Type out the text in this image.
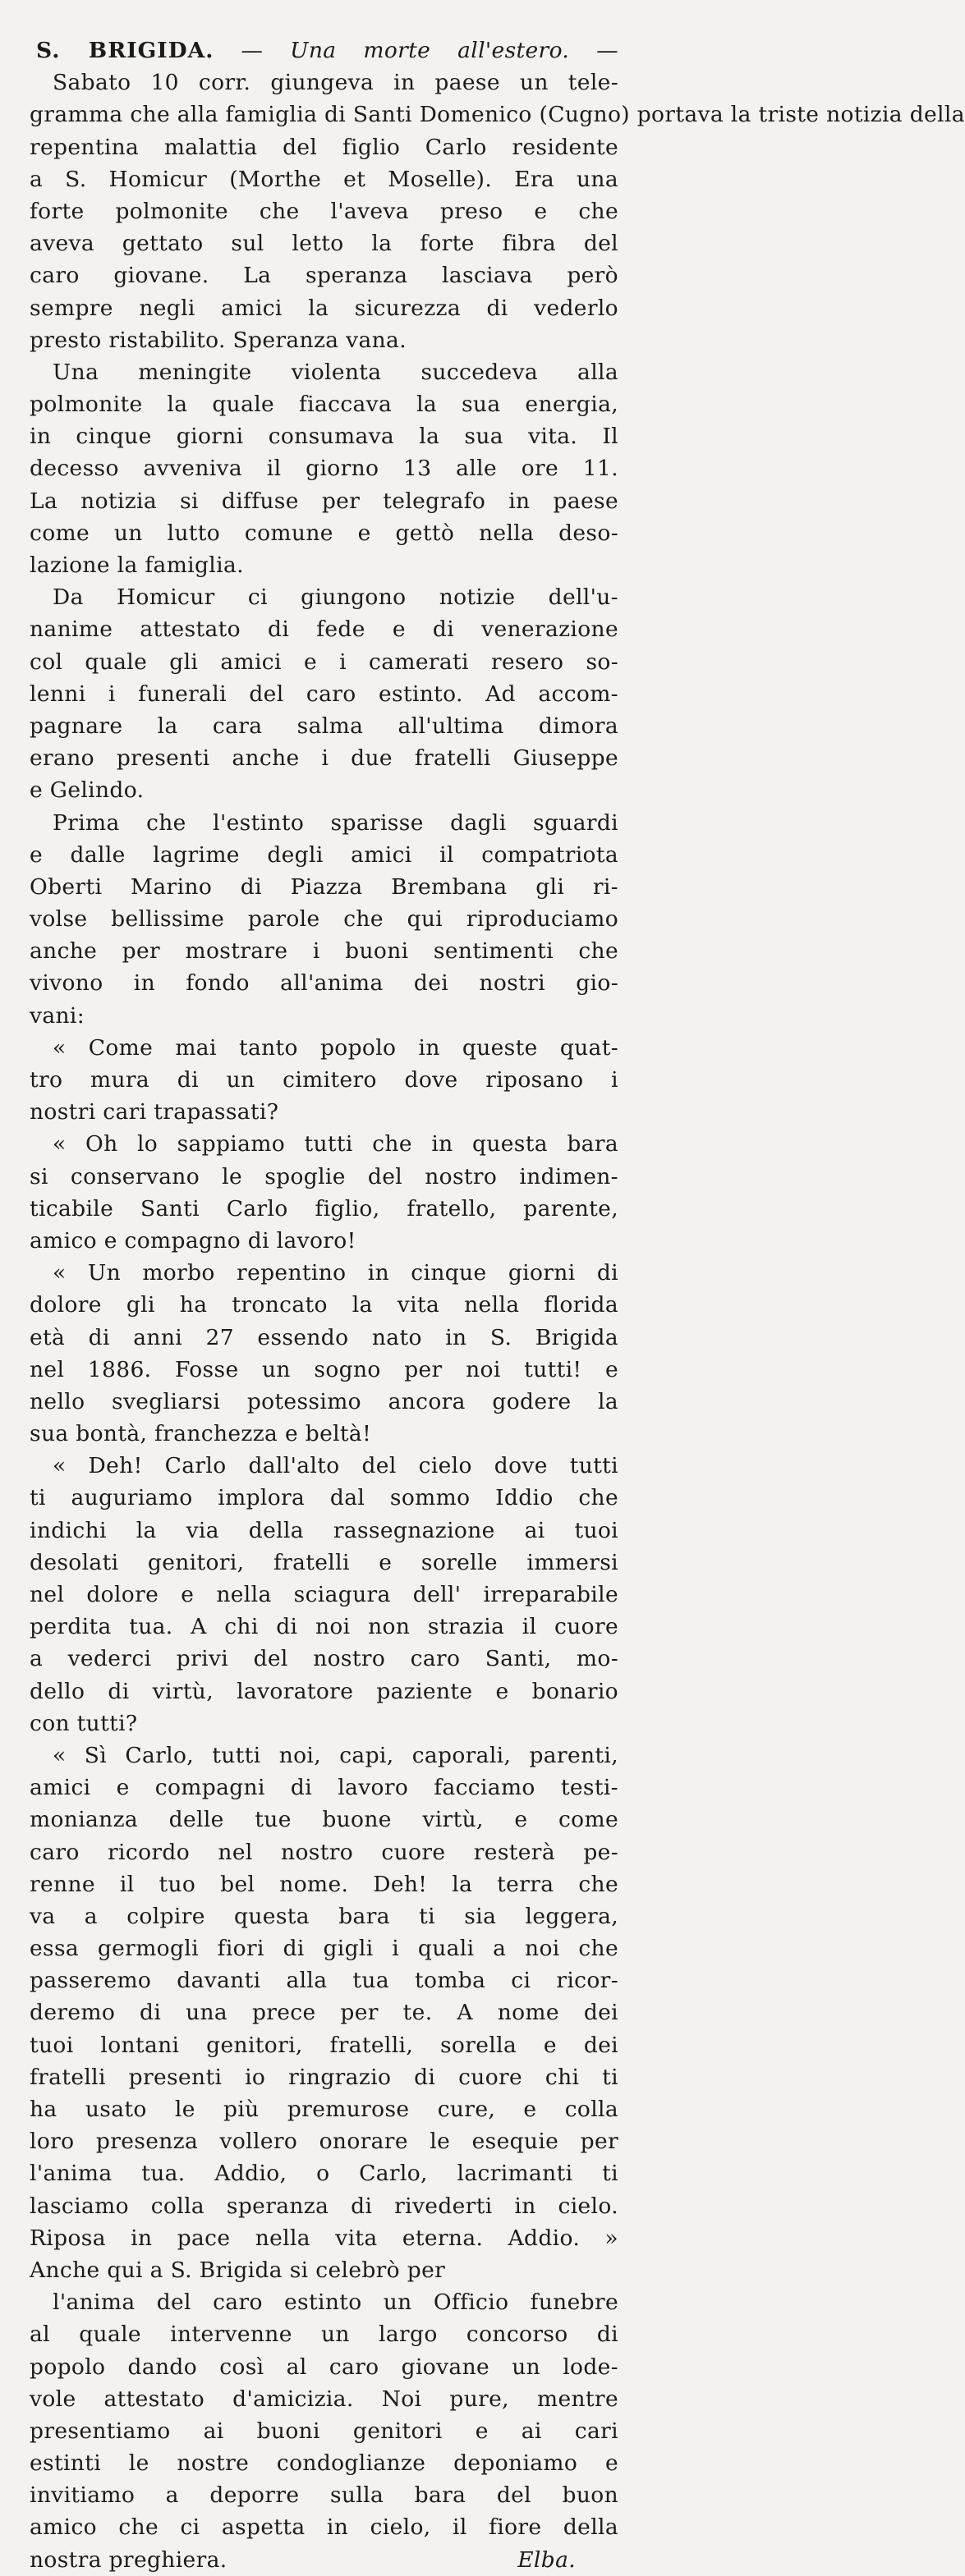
S. BRIGIDA. — Una morte all'estero. —
Sabato 10 corr. giungeva in paese un tele-
gramma che alla famiglia di Santi Domenico (Cugno) portava la triste notizia della
repentina malattia del figlio Carlo residente
a S. Homicur (Morthe et Moselle). Era una
forte polmonite che l'aveva preso e che
aveva gettato sul letto la forte fibra del
caro giovane. La speranza lasciava però
sempre negli amici la sicurezza di vederlo
presto ristabilito. Speranza vana.
Una meningite violenta succedeva alla
polmonite la quale fiaccava la sua energia,
in cinque giorni consumava la sua vita. Il
decesso avveniva il giorno 13 alle ore 11.
La notizia si diffuse per telegrafo in paese
come un lutto comune e gettò nella deso-
lazione la famiglia.
Da Homicur ci giungono notizie dell'u-
nanime attestato di fede e di venerazione
col quale gli amici e i camerati resero so-
lenni i funerali del caro estinto. Ad accom-
pagnare la cara salma all'ultima dimora
erano presenti anche i due fratelli Giuseppe
e Gelindo.
Prima che l'estinto sparisse dagli sguardi
e dalle lagrime degli amici il compatriota
Oberti Marino di Piazza Brembana gli ri-
volse bellissime parole che qui riproduciamo
anche per mostrare i buoni sentimenti che
vivono in fondo all'anima dei nostri gio-
vani:
« Come mai tanto popolo in queste quat-
tro mura di un cimitero dove riposano i
nostri cari trapassati?
« Oh lo sappiamo tutti che in questa bara
si conservano le spoglie del nostro indimen-
ticabile Santi Carlo figlio, fratello, parente,
amico e compagno di lavoro!
« Un morbo repentino in cinque giorni di
dolore gli ha troncato la vita nella florida
età di anni 27 essendo nato in S. Brigida
nel 1886. Fosse un sogno per noi tutti! e
nello svegliarsi potessimo ancora godere la
sua bontà, franchezza e beltà!
« Deh! Carlo dall'alto del cielo dove tutti
ti auguriamo implora dal sommo Iddio che
indichi la via della rassegnazione ai tuoi
desolati genitori, fratelli e sorelle immersi
nel dolore e nella sciagura dell' irreparabile
perdita tua. A chi di noi non strazia il cuore
a vederci privi del nostro caro Santi, mo-
dello di virtù, lavoratore paziente e bonario
con tutti?
« Sì Carlo, tutti noi, capi, caporali, parenti,
amici e compagni di lavoro facciamo testi-
monianza delle tue buone virtù, e come
caro ricordo nel nostro cuore resterà pe-
renne il tuo bel nome. Deh! la terra che
va a colpire questa bara ti sia leggera,
essa germogli fiori di gigli i quali a noi che
passeremo davanti alla tua tomba ci ricor-
deremo di una prece per te. A nome dei
tuoi lontani genitori, fratelli, sorella e dei
fratelli presenti io ringrazio di cuore chi ti
ha usato le più premurose cure, e colla
loro presenza vollero onorare le esequie per
l'anima tua. Addio, o Carlo, lacrimanti ti
lasciamo colla speranza di rivederti in cielo.
Riposa in pace nella vita eterna. Addio. »
Anche qui a S. Brigida si celebrò per
l'anima del caro estinto un Officio funebre
al quale intervenne un largo concorso di
popolo dando così al caro giovane un lode-
vole attestato d'amicizia. Noi pure, mentre
presentiamo ai buoni genitori e ai cari
estinti le nostre condoglianze deponiamo e
invitiamo a deporre sulla bara del buon
amico che ci aspetta in cielo, il fiore della
nostra preghiera.	Elba.
